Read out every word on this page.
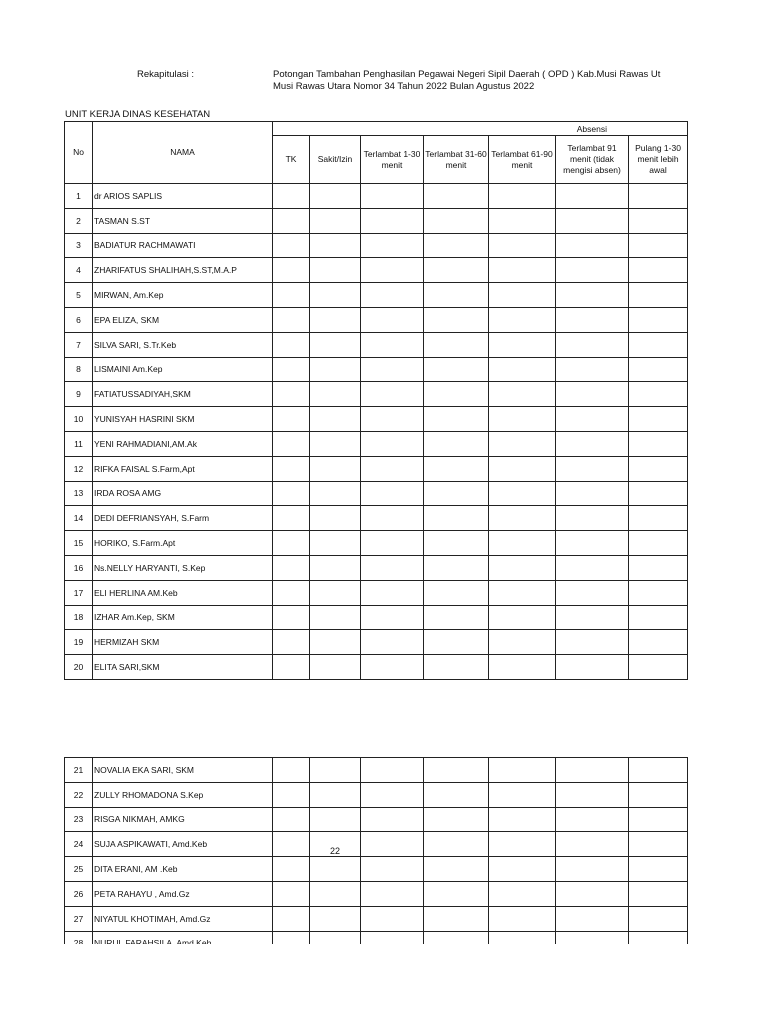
Rekapitulasi :	Potongan Tambahan Penghasilan Pegawai Negeri Sipil Daerah ( OPD ) Kab.Musi Rawas Ut
Musi Rawas Utara Nomor 34 Tahun 2022 Bulan Agustus 2022
UNIT KERJA DINAS KESEHATAN
No	NAMA	Absensi						
		TK	Sakit/Izin	Terlambat 1-30 menit	Terlambat 31-60 menit	Terlambat 61-90 menit	Terlambat 91 menit (tidak mengisi absen)	Pulang 1-30 menit lebih awal
1	dr ARIOS SAPLIS							
2	TASMAN S.ST							
3	BADIATUR RACHMAWATI							
4	ZHARIFATUS SHALIHAH,S.ST,M.A.P							
5	MIRWAN, Am.Kep							
6	EPA ELIZA, SKM							
7	SILVA SARI, S.Tr.Keb							
8	LISMAINI Am.Kep							
9	FATIATUSSADIYAH,SKM							
10	YUNISYAH HASRINI SKM							
11	YENI RAHMADIANI,AM.Ak							
12	RIFKA FAISAL S.Farm,Apt							
13	IRDA ROSA AMG							
14	DEDI DEFRIANSYAH, S.Farm							
15	HORIKO, S.Farm.Apt							
16	Ns.NELLY HARYANTI, S.Kep							
17	ELI HERLINA AM.Keb							
18	IZHAR Am.Kep, SKM							
19	HERMIZAH SKM							
20	ELITA SARI,SKM							
21	NOVALIA EKA SARI, SKM							
22	ZULLY RHOMADONA S.Kep							
23	RISGA NIKMAH, AMKG							
24	SUJA ASPIKAWATI, Amd.Keb		22					
25	DITA ERANI, AM .Keb							
26	PETA RAHAYU , Amd.Gz							
27	NIYATUL KHOTIMAH, Amd.Gz							
